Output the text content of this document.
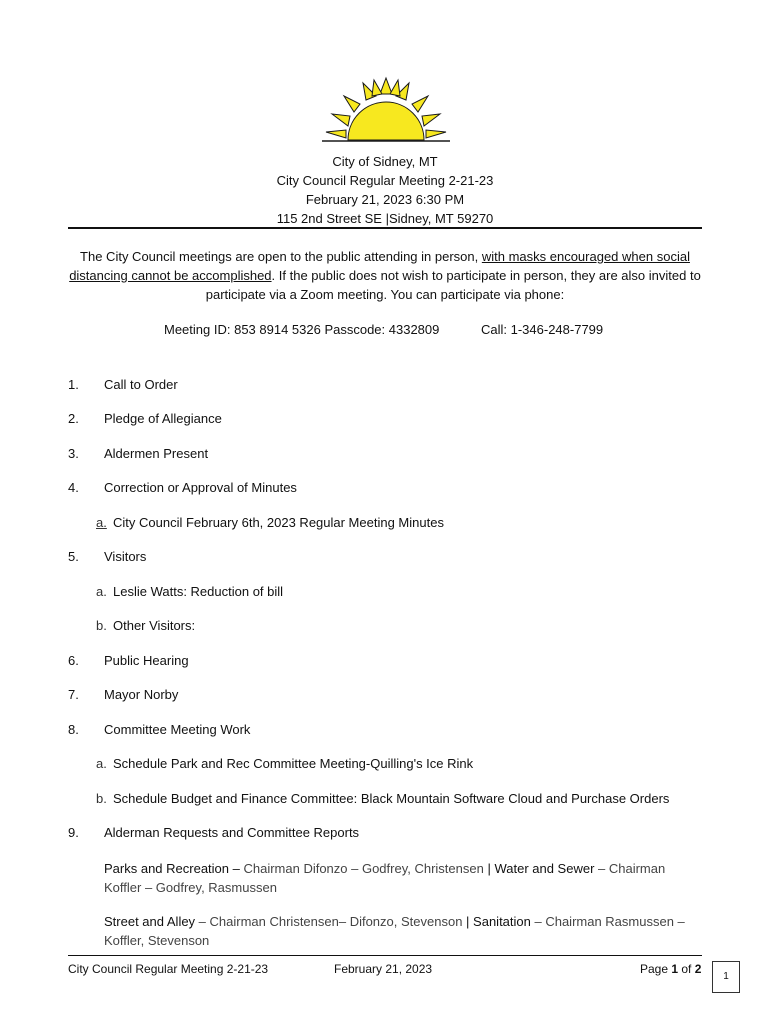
City of Sidney, MT
City Council Regular Meeting 2-21-23
February 21, 2023 6:30 PM
115 2nd Street SE |Sidney, MT 59270
The City Council meetings are open to the public attending in person, with masks encouraged when social distancing cannot be accomplished. If the public does not wish to participate in person, they are also invited to participate via a Zoom meeting. You can participate via phone:
Meeting ID: 853 8914 5326 Passcode: 4332809	Call: 1-346-248-7799
1. Call to Order
2. Pledge of Allegiance
3. Aldermen Present
4. Correction or Approval of Minutes
a. City Council February 6th, 2023 Regular Meeting Minutes
5. Visitors
a. Leslie Watts: Reduction of bill
b. Other Visitors:
6. Public Hearing
7. Mayor Norby
8. Committee Meeting Work
a. Schedule Park and Rec Committee Meeting-Quilling's Ice Rink
b. Schedule Budget and Finance Committee: Black Mountain Software Cloud and Purchase Orders
9. Alderman Requests and Committee Reports
Parks and Recreation – Chairman Difonzo – Godfrey, Christensen | Water and Sewer – Chairman Koffler – Godfrey, Rasmussen
Street and Alley – Chairman Christensen– Difonzo, Stevenson | Sanitation – Chairman Rasmussen – Koffler, Stevenson
City Council Regular Meeting 2-21-23	February 21, 2023	Page 1 of 2
1
